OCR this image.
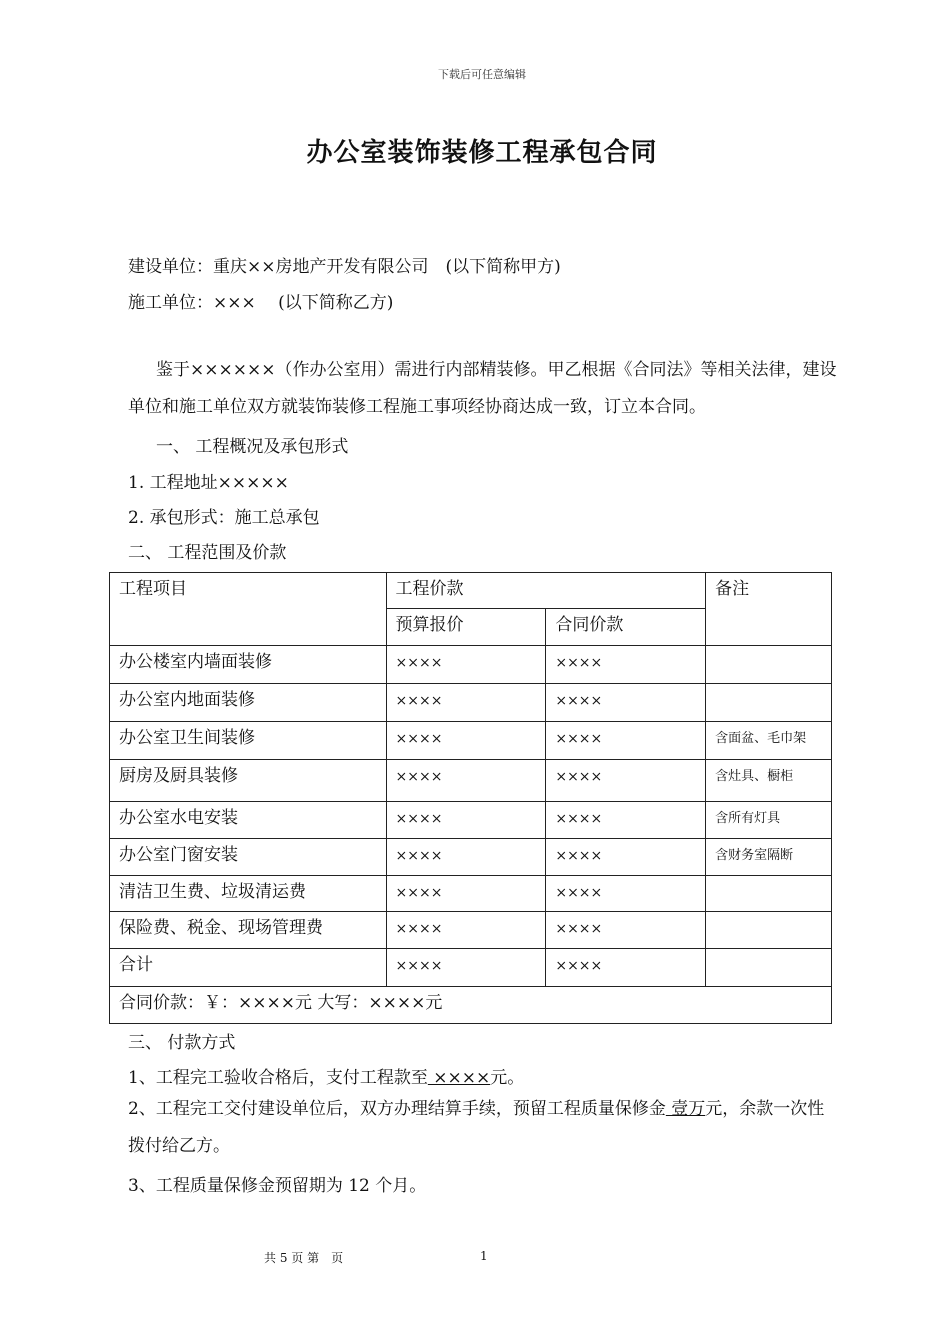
下载后可任意编辑
办公室装饰装修工程承包合同
建设单位：重庆××房地产开发有限公司　(以下简称甲方)
施工单位：×××　 (以下简称乙方)
鉴于××××××（作办公室用）需进行内部精装修。甲乙根据《合同法》等相关法律，建设单位和施工单位双方就装饰装修工程施工事项经协商达成一致，订立本合同。
一、 工程概况及承包形式
1. 工程地址×××××
2. 承包形式：施工总承包
二、 工程范围及价款
工程项目	工程价款		备注
	预算报价	合同价款	
办公楼室内墙面装修	××××	××××	
办公室内地面装修	××××	××××	
办公室卫生间装修	××××	××××	含面盆、毛巾架
厨房及厨具装修	××××	××××	含灶具、橱柜
办公室水电安装	××××	××××	含所有灯具
办公室门窗安装	××××	××××	含财务室隔断
清洁卫生费、垃圾清运费	××××	××××	
保险费、税金、现场管理费	××××	××××	
合计	××××	××××	
合同价款：￥：××××元 大写：××××元			
三、 付款方式
1、工程完工验收合格后，支付工程款至 ××××元。
2、工程完工交付建设单位后，双方办理结算手续，预留工程质量保修金 壹万元，余款一次性拨付给乙方。
3、工程质量保修金预留期为 12 个月。
共 5 页 第　页	1
